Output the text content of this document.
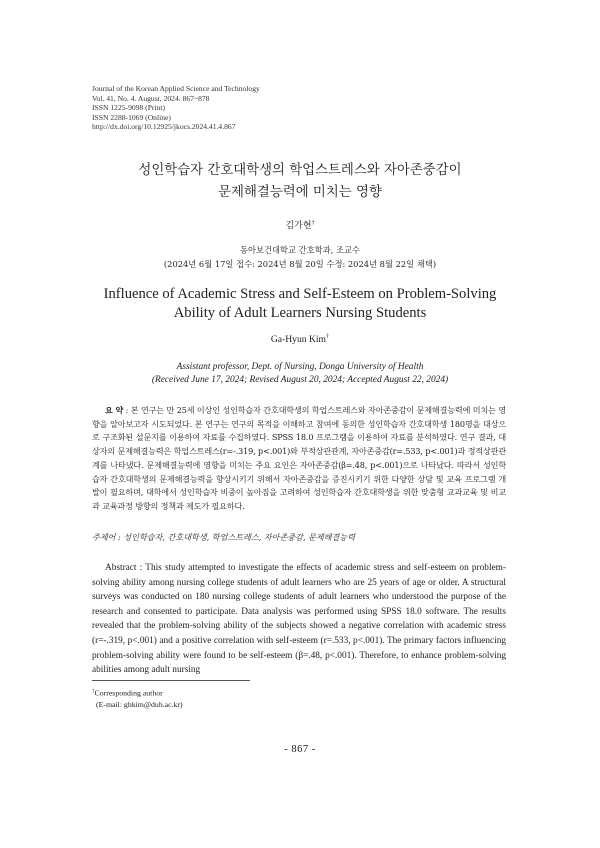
Journal of the Korean Applied Science and Technology
Vol. 41, No. 4. August, 2024. 867~878
ISSN 1225-9098 (Print)
ISSN 2288-1069 (Online)
http://dx.doi.org/10.12925/jkocs.2024.41.4.867
성인학습자 간호대학생의 학업스트레스와 자아존중감이
문제해결능력에 미치는 영향
김가현†
동아보건대학교 간호학과, 조교수
(2024년 6월 17일 접수: 2024년 8월 20일 수정: 2024년 8월 22일 채택)
Influence of Academic Stress and Self-Esteem on Problem-Solving
Ability of Adult Learners Nursing Students
Ga-Hyun Kim†
Assistant professor, Dept. of Nursing, Donga University of Health
(Received June 17, 2024; Revised August 20, 2024; Accepted August 22, 2024)
요 약 : 본 연구는 만 25세 이상인 성인학습자 간호대학생의 학업스트레스와 자아존중감이 문제해결능력에 미치는 영향을 알아보고자 시도되었다. 본 연구는 연구의 목적을 이해하고 참여에 동의한 성인학습자 간호대학생 180명을 대상으로 구조화된 설문지를 이용하여 자료를 수집하였다. SPSS 18.0 프로그램을 이용하여 자료를 분석하였다. 연구 결과, 대상자의 문제해결능력은 학업스트레스(r=-.319, p<.001)와 부적상관관계, 자아존중감(r=.533, p<.001)과 정적상관관계를 나타냈다. 문제해결능력에 영향을 미치는 주요 요인은 자아존중감(β=.48, p<.001)으로 나타났다. 따라서 성인학습자 간호대학생의 문제해결능력을 향상시키기 위해서 자아존중감을 증진시키기 위한 다양한 상담 및 교육 프로그램 개발이 필요하며, 대학에서 성인학습자 비중이 높아짐을 고려하여 성인학습자 간호대학생을 위한 맞춤형 교과교육 및 비교과 교육과정 방향의 정책과 제도가 필요하다.
주제어 : 성인학습자, 간호대학생, 학업스트레스, 자아존중감, 문제해결능력
Abstract : This study attempted to investigate the effects of academic stress and self-esteem on problem-solving ability among nursing college students of adult learners who are 25 years of age or older. A structural surveys was conducted on 180 nursing college students of adult learners who understood the purpose of the research and consented to participate. Data analysis was performed using SPSS 18.0 software. The results revealed that the problem-solving ability of the subjects showed a negative correlation with academic stress (r=-.319, p<.001) and a positive correlation with self-esteem (r=.533, p<.001). The primary factors influencing problem-solving ability were found to be self-esteem (β=.48, p<.001). Therefore, to enhance problem-solving abilities among adult nursing
†Corresponding author
(E-mail: ghkim@duh.ac.kr)
- 867 -
